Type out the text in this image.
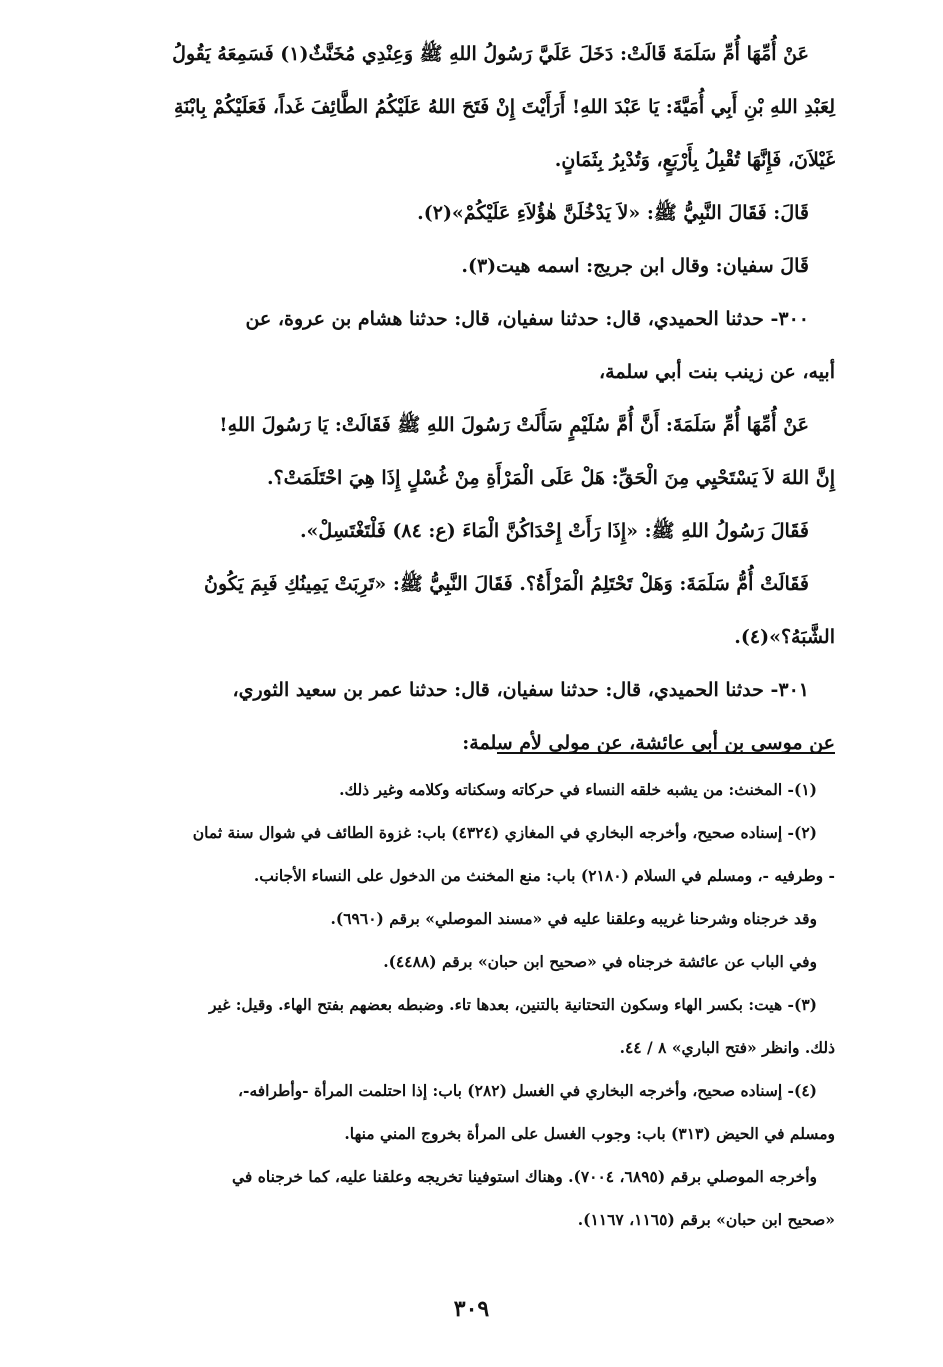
عَنْ أُمِّهَا أُمِّ سَلَمَةَ قَالَتْ: دَخَلَ عَلَيَّ رَسُولُ اللهِ ﷺ وَعِنْدِي مُخَنَّثٌ(١) فَسَمِعَهُ يَقُولُ

لِعَبْدِ اللهِ بْنِ أَبِي أُمَيَّةَ: يَا عَبْدَ اللهِ! أَرَأَيْتَ إِنْ فَتَحَ اللهُ عَلَيْكُمُ الطَّائِفَ غَداً، فَعَلَيْكُمْ بِابْنَةِ

غَيْلاَنَ، فَإِنَّهَا تُقْبِلُ بِأَرْبَعٍ، وَتُدْبِرُ بِثَمَانٍ.

قَالَ: فَقَالَ النَّبِيُّ ﷺ: «لاَ يَدْخُلَنَّ هٰؤُلاَءِ عَلَيْكُمْ»(٢).

قَالَ سفيان: وقال ابن جريج: اسمه هيت(٣).

٣٠٠- حدثنا الحميدي، قال: حدثنا سفيان، قال: حدثنا هشام بن عروة، عن

أبيه، عن زينب بنت أبي سلمة،

عَنْ أُمِّهَا أُمِّ سَلَمَةَ: أَنَّ أُمَّ سُلَيْمٍ سَأَلَتْ رَسُولَ اللهِ ﷺ فَقَالَتْ: يَا رَسُولَ اللهِ!

إِنَّ اللهَ لاَ يَسْتَحْيِي مِنَ الْحَقِّ: هَلْ عَلَى الْمَرْأَةِ مِنْ غُسْلٍ إِذَا هِيَ احْتَلَمَتْ؟.

فَقَالَ رَسُولُ اللهِ ﷺ: «إِذَا رَأَتْ إِحْدَاكُنَّ الْمَاءَ (ع: ٨٤) فَلْتَغْتَسِلْ».

فَقَالَتْ أُمُّ سَلَمَةَ: وَهَلْ تَحْتَلِمُ الْمَرْأَةُ؟. فَقَالَ النَّبِيُّ ﷺ: «تَرِبَتْ يَمِينُكِ فَبِمَ يَكُونُ

الشَّبَهُ؟»(٤).

٣٠١- حدثنا الحميدي، قال: حدثنا سفيان، قال: حدثنا عمر بن سعيد الثوري،

عن موسى بن أبي عائشة، عن مولى لأم سلمة:

(١)- المخنث: من يشبه خلقه النساء في حركاته وسكناته وكلامه وغير ذلك.

(٢)- إسناده صحيح، وأخرجه البخاري في المغازي (٤٣٢٤) باب: غزوة الطائف في شوال سنة ثمان

- وطرفيه -، ومسلم في السلام (٢١٨٠) باب: منع المخنث من الدخول على النساء الأجانب.

وقد خرجناه وشرحنا غريبه وعلقنا عليه في «مسند الموصلي» برقم (٦٩٦٠).

وفي الباب عن عائشة خرجناه في «صحيح ابن حبان» برقم (٤٤٨٨).

(٣)- هيت: بكسر الهاء وسكون التحتانية بالتنين، بعدها تاء. وضبطه بعضهم بفتح الهاء. وقيل: غير

ذلك. وانظر «فتح الباري» ٨ / ٤٤.

(٤)- إسناده صحيح، وأخرجه البخاري في الغسل (٢٨٢) باب: إذا احتلمت المرأة -وأطرافه-،

ومسلم في الحيض (٣١٣) باب: وجوب الغسل على المرأة بخروج المني منها.

وأخرجه الموصلي برقم (٦٨٩٥، ٧٠٠٤). وهناك استوفينا تخريجه وعلقنا عليه، كما خرجناه في

«صحيح ابن حبان» برقم (١١٦٥، ١١٦٧).

٣٠٩
